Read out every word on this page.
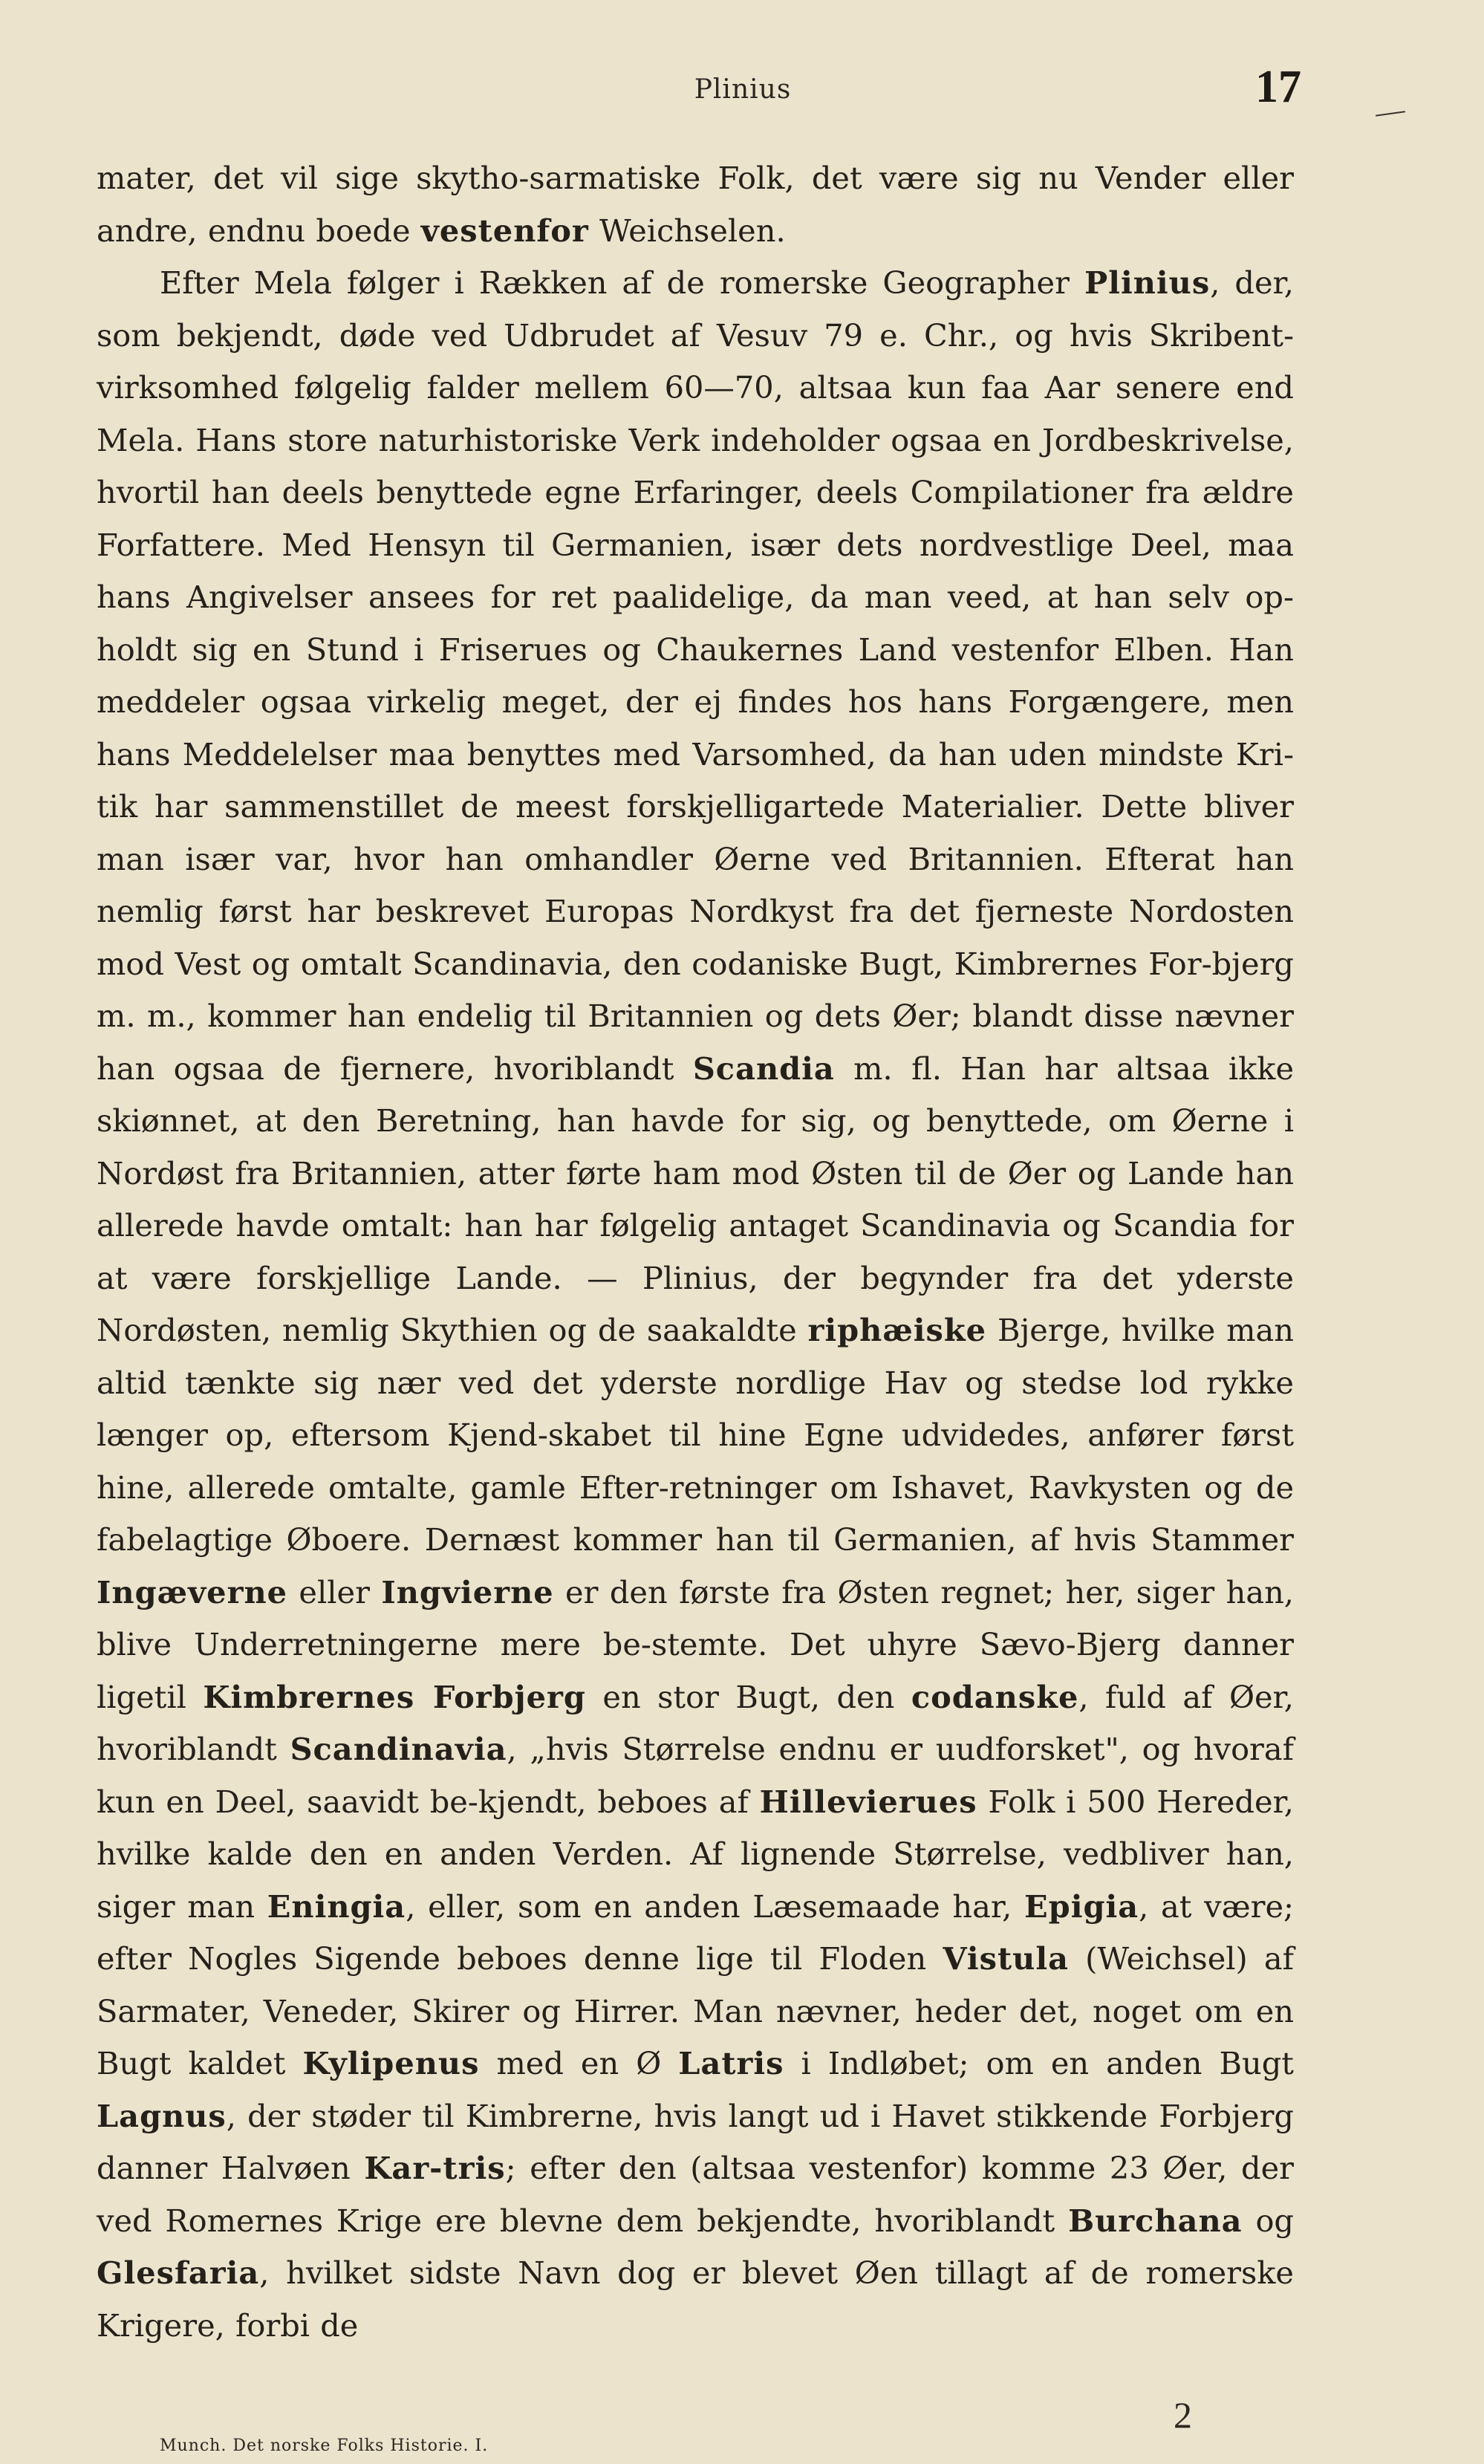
Plinius	17

mater, det vil sige skytho-sarmatiske Folk, det være sig nu Vender eller andre, endnu boede vestenfor Weichselen.

Efter Mela følger i Rækken af de romerske Geographer Plinius, der, som bekjendt, døde ved Udbrudet af Vesuv 79 e. Chr., og hvis Skribent-virksomhed følgelig falder mellem 60—70, altsaa kun faa Aar senere end Mela. Hans store naturhistoriske Verk indeholder ogsaa en Jordbeskrivelse, hvortil han deels benyttede egne Erfaringer, deels Compilationer fra ældre Forfattere. Med Hensyn til Germanien, især dets nordvestlige Deel, maa hans Angivelser ansees for ret paalidelige, da man veed, at han selv op-holdt sig en Stund i Friserues og Chaukernes Land vestenfor Elben. Han meddeler ogsaa virkelig meget, der ej findes hos hans Forgængere, men hans Meddelelser maa benyttes med Varsomhed, da han uden mindste Kri-tik har sammenstillet de meest forskjelligartede Materialier. Dette bliver man især var, hvor han omhandler Øerne ved Britannien. Efterat han nemlig først har beskrevet Europas Nordkyst fra det fjerneste Nordosten mod Vest og omtalt Scandinavia, den codaniske Bugt, Kimbrernes For-bjerg m. m., kommer han endelig til Britannien og dets Øer; blandt disse nævner han ogsaa de fjernere, hvoriblandt Scandia m. fl. Han har altsaa ikke skiønnet, at den Beretning, han havde for sig, og benyttede, om Øerne i Nordøst fra Britannien, atter førte ham mod Østen til de Øer og Lande han allerede havde omtalt: han har følgelig antaget Scandinavia og Scandia for at være forskjellige Lande. — Plinius, der begynder fra det yderste Nordøsten, nemlig Skythien og de saakaldte riphæiske Bjerge, hvilke man altid tænkte sig nær ved det yderste nordlige Hav og stedse lod rykke længer op, eftersom Kjend-skabet til hine Egne udvidedes, anfører først hine, allerede omtalte, gamle Efter-retninger om Ishavet, Ravkysten og de fabelagtige Øboere. Dernæst kommer han til Germanien, af hvis Stammer Ingæverne eller Ingvierne er den første fra Østen regnet; her, siger han, blive Underretningerne mere be-stemte. Det uhyre Sævo-Bjerg danner ligetil Kimbrernes Forbjerg en stor Bugt, den codanske, fuld af Øer, hvoriblandt Scandinavia, „hvis Størrelse endnu er uudforsket", og hvoraf kun en Deel, saavidt be-kjendt, beboes af Hillevierues Folk i 500 Hereder, hvilke kalde den en anden Verden. Af lignende Størrelse, vedbliver han, siger man Eningia, eller, som en anden Læsemaade har, Epigia, at være; efter Nogles Sigende beboes denne lige til Floden Vistula (Weichsel) af Sarmater, Veneder, Skirer og Hirrer. Man nævner, heder det, noget om en Bugt kaldet Kylipenus med en Ø Latris i Indløbet; om en anden Bugt Lagnus, der støder til Kimbrerne, hvis langt ud i Havet stikkende Forbjerg danner Halvøen Kar-tris; efter den (altsaa vestenfor) komme 23 Øer, der ved Romernes Krige ere blevne dem bekjendte, hvoriblandt Burchana og Glesfaria, hvilket sidste Navn dog er blevet Øen tillagt af de romerske Krigere, forbi de

Munch. Det norske Folks Historie. I.
2
